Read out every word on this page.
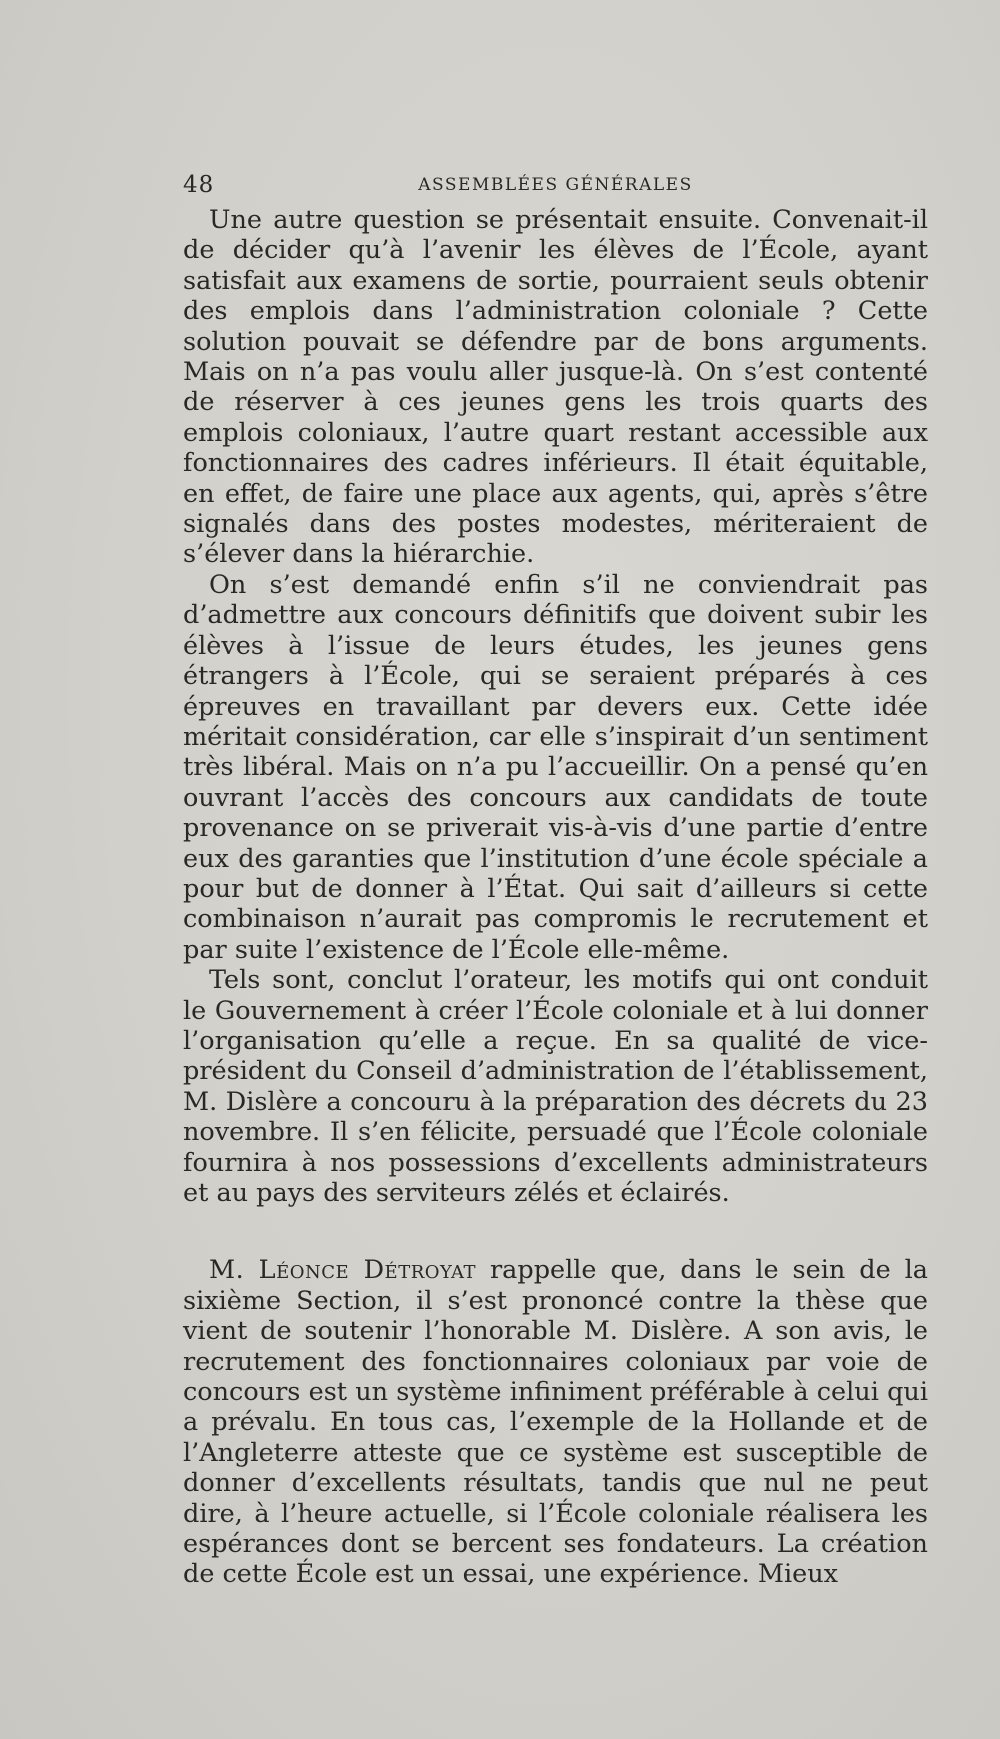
48	ASSEMBLÉES GÉNÉRALES

Une autre question se présentait ensuite. Convenait-il de décider qu’à l’avenir les élèves de l’École, ayant satisfait aux examens de sortie, pourraient seuls obtenir des emplois dans l’administration coloniale ? Cette solution pouvait se défendre par de bons arguments. Mais on n’a pas voulu aller jusque-là. On s’est contenté de réserver à ces jeunes gens les trois quarts des emplois coloniaux, l’autre quart restant accessible aux fonctionnaires des cadres inférieurs. Il était équitable, en effet, de faire une place aux agents, qui, après s’être signalés dans des postes modestes, mériteraient de s’élever dans la hiérarchie.

On s’est demandé enfin s’il ne conviendrait pas d’admettre aux concours définitifs que doivent subir les élèves à l’issue de leurs études, les jeunes gens étrangers à l’École, qui se seraient préparés à ces épreuves en travaillant par devers eux. Cette idée méritait considération, car elle s’inspirait d’un sentiment très libéral. Mais on n’a pu l’accueillir. On a pensé qu’en ouvrant l’accès des concours aux candidats de toute provenance on se priverait vis-à-vis d’une partie d’entre eux des garanties que l’institution d’une école spéciale a pour but de donner à l’État. Qui sait d’ailleurs si cette combinaison n’aurait pas compromis le recrutement et par suite l’existence de l’École elle-même.

Tels sont, conclut l’orateur, les motifs qui ont conduit le Gouvernement à créer l’École coloniale et à lui donner l’organisation qu’elle a reçue. En sa qualité de vice-président du Conseil d’administration de l’établissement, M. Dislère a concouru à la préparation des décrets du 23 novembre. Il s’en félicite, persuadé que l’École coloniale fournira à nos possessions d’excellents administrateurs et au pays des serviteurs zélés et éclairés.

M. Léonce Détroyat rappelle que, dans le sein de la sixième Section, il s’est prononcé contre la thèse que vient de soutenir l’honorable M. Dislère. A son avis, le recrutement des fonctionnaires coloniaux par voie de concours est un système infiniment préférable à celui qui a prévalu. En tous cas, l’exemple de la Hollande et de l’Angleterre atteste que ce système est susceptible de donner d’excellents résultats, tandis que nul ne peut dire, à l’heure actuelle, si l’École coloniale réalisera les espérances dont se bercent ses fondateurs. La création de cette École est un essai, une expérience. Mieux
